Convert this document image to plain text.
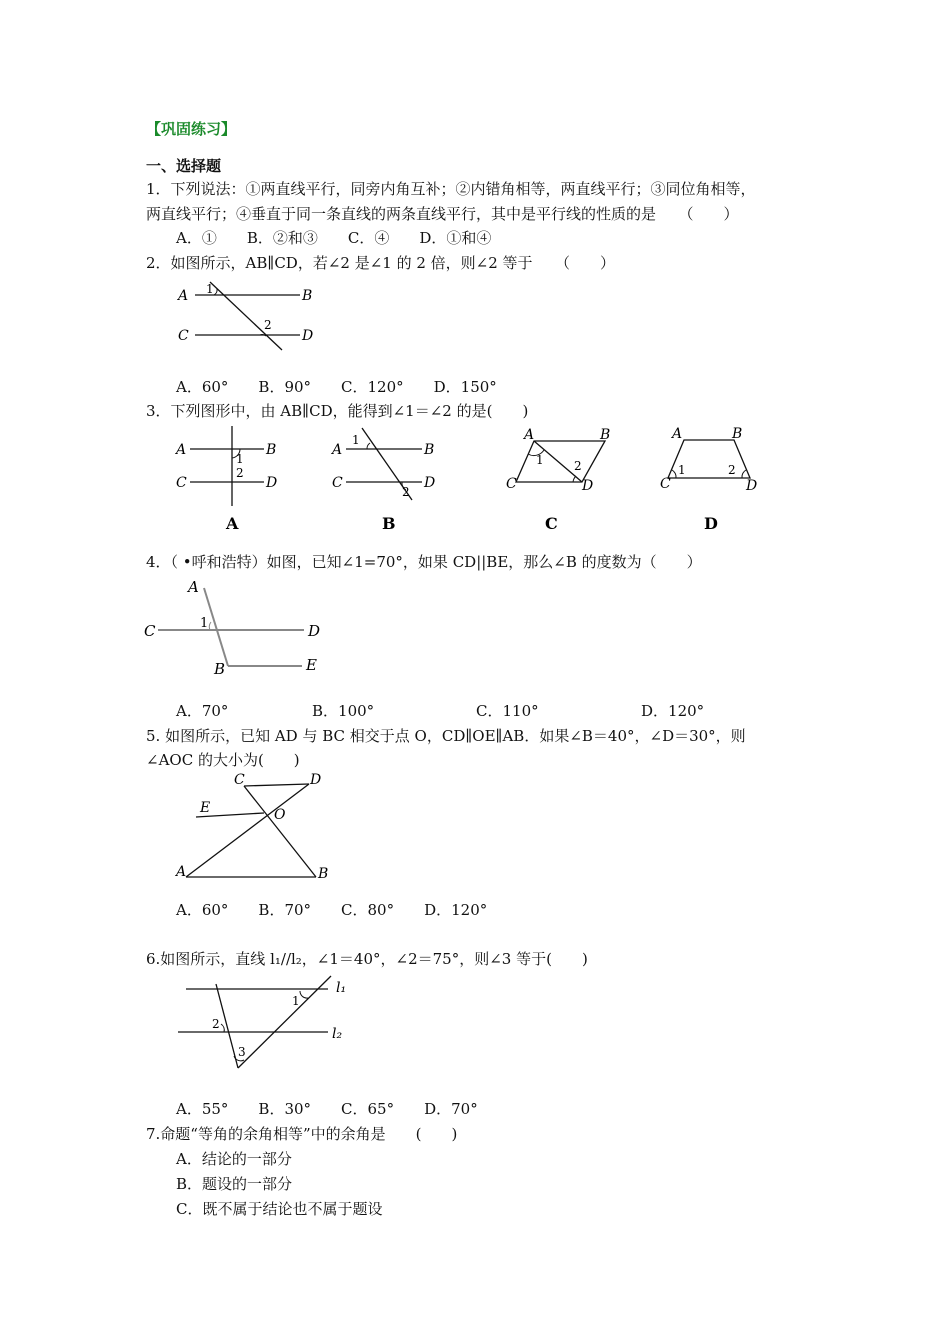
【巩固练习】
一、选择题
1．下列说法：①两直线平行，同旁内角互补；②内错角相等，两直线平行；③同位角相等，
两直线平行；④垂直于同一条直线的两条直线平行，其中是平行线的性质的是　　（　　）
A．①　　B．②和③　　C．④　　D．①和④
2．如图所示，AB∥CD，若∠2 是∠1 的 2 倍，则∠2 等于　　（　　）
A	B
C	D
1
2
A．60°　　B．90°　　C．120°　　D．150°
3．下列图形中，由 AB∥CD，能得到∠1＝∠2 的是(　　)
A	B
C	D
1
2
A
A	B
C	D
1
2
B
A	B
C	D
1	2
C
A	B
C	D
1	2
D
4．（ •呼和浩特）如图，已知∠1=70°，如果 CD||BE，那么∠B 的度数为（　　）
A
C	D
B	E
1
A．70°	B．100°	C．110°	D．120°
5. 如图所示，已知 AD 与 BC 相交于点 O，CD∥OE∥AB．如果∠B＝40°，∠D＝30°，则
∠AOC 的大小为(　　)
C	D
E	O
A	B
A．60°　　B．70°　　C．80°　　D．120°
6.如图所示，直线 l₁//l₂，∠1＝40°，∠2＝75°，则∠3 等于(　　)
l₁
l₂
1
2
3
A．55°　　B．30°　　C．65°　　D．70°
7.命题“等角的余角相等”中的余角是　　(　　)
A．结论的一部分
B．题设的一部分
C．既不属于结论也不属于题设
